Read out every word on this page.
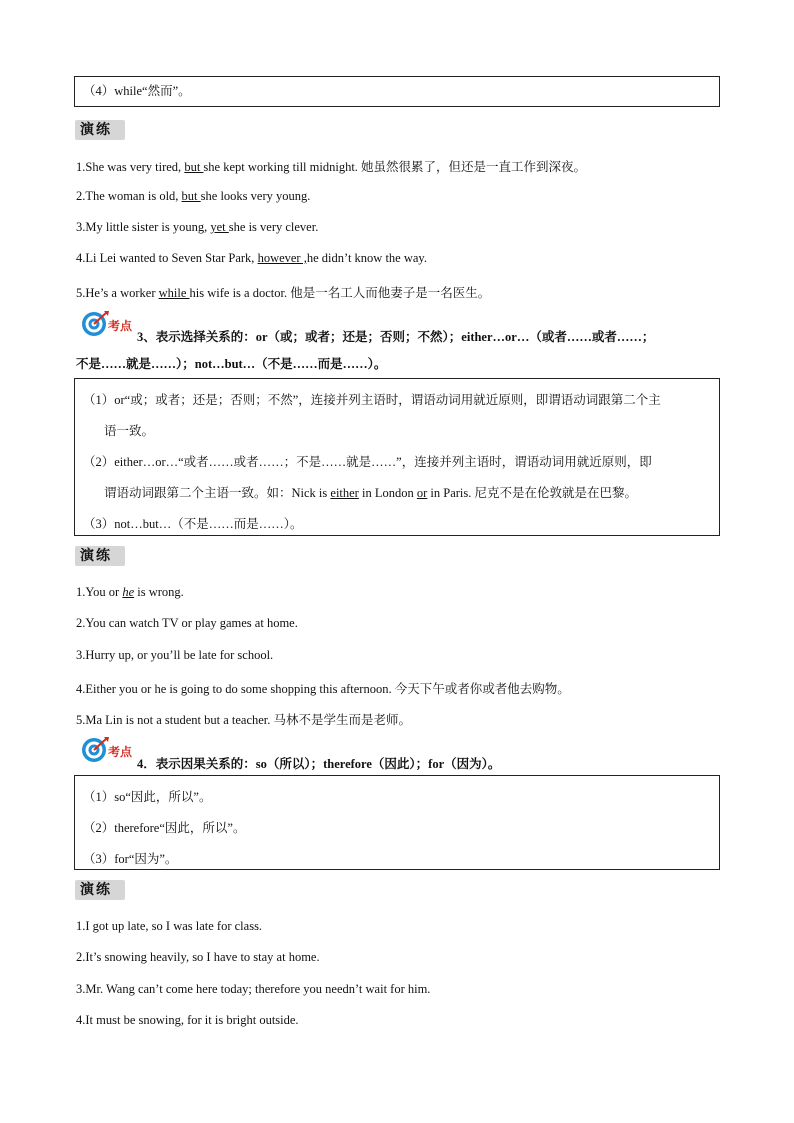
（4）while“然而”。

演练

1.She was very tired, but she kept working till midnight. 她虽然很累了，但还是一直工作到深夜。

2.The woman is old, but she looks very young.

3.My little sister is young, yet she is very clever.

4.Li Lei wanted to Seven Star Park, however ,he didn’t know the way.

5.He’s a worker while his wife is a doctor. 他是一名工人而他妻子是一名医生。

考点

3、表示选择关系的：or（或；或者；还是；否则；不然）；either…or…（或者……或者……；

不是……就是……）；not…but…（不是……而是……）。

（1）or“或；或者；还是；否则；不然”，连接并列主语时，谓语动词用就近原则，即谓语动词跟第二个主

语一致。

（2）either…or…“或者……或者……；不是……就是……”，连接并列主语时，谓语动词用就近原则，即

谓语动词跟第二个主语一致。如：Nick is either in London or in Paris. 尼克不是在伦敦就是在巴黎。

（3）not…but…（不是……而是……）。

演练

1.You or he is wrong.

2.You can watch TV or play games at home.

3.Hurry up, or you’ll be late for school.

4.Either you or he is going to do some shopping this afternoon. 今天下午或者你或者他去购物。

5.Ma Lin is not a student but a teacher. 马林不是学生而是老师。

考点

4．表示因果关系的：so（所以）；therefore（因此）；for（因为）。

（1）so“因此，所以”。

（2）therefore“因此，所以”。

（3）for“因为”。

演练

1.I got up late, so I was late for class.

2.It’s snowing heavily, so I have to stay at home.

3.Mr. Wang can’t come here today; therefore you needn’t wait for him.

4.It must be snowing, for it is bright outside.
